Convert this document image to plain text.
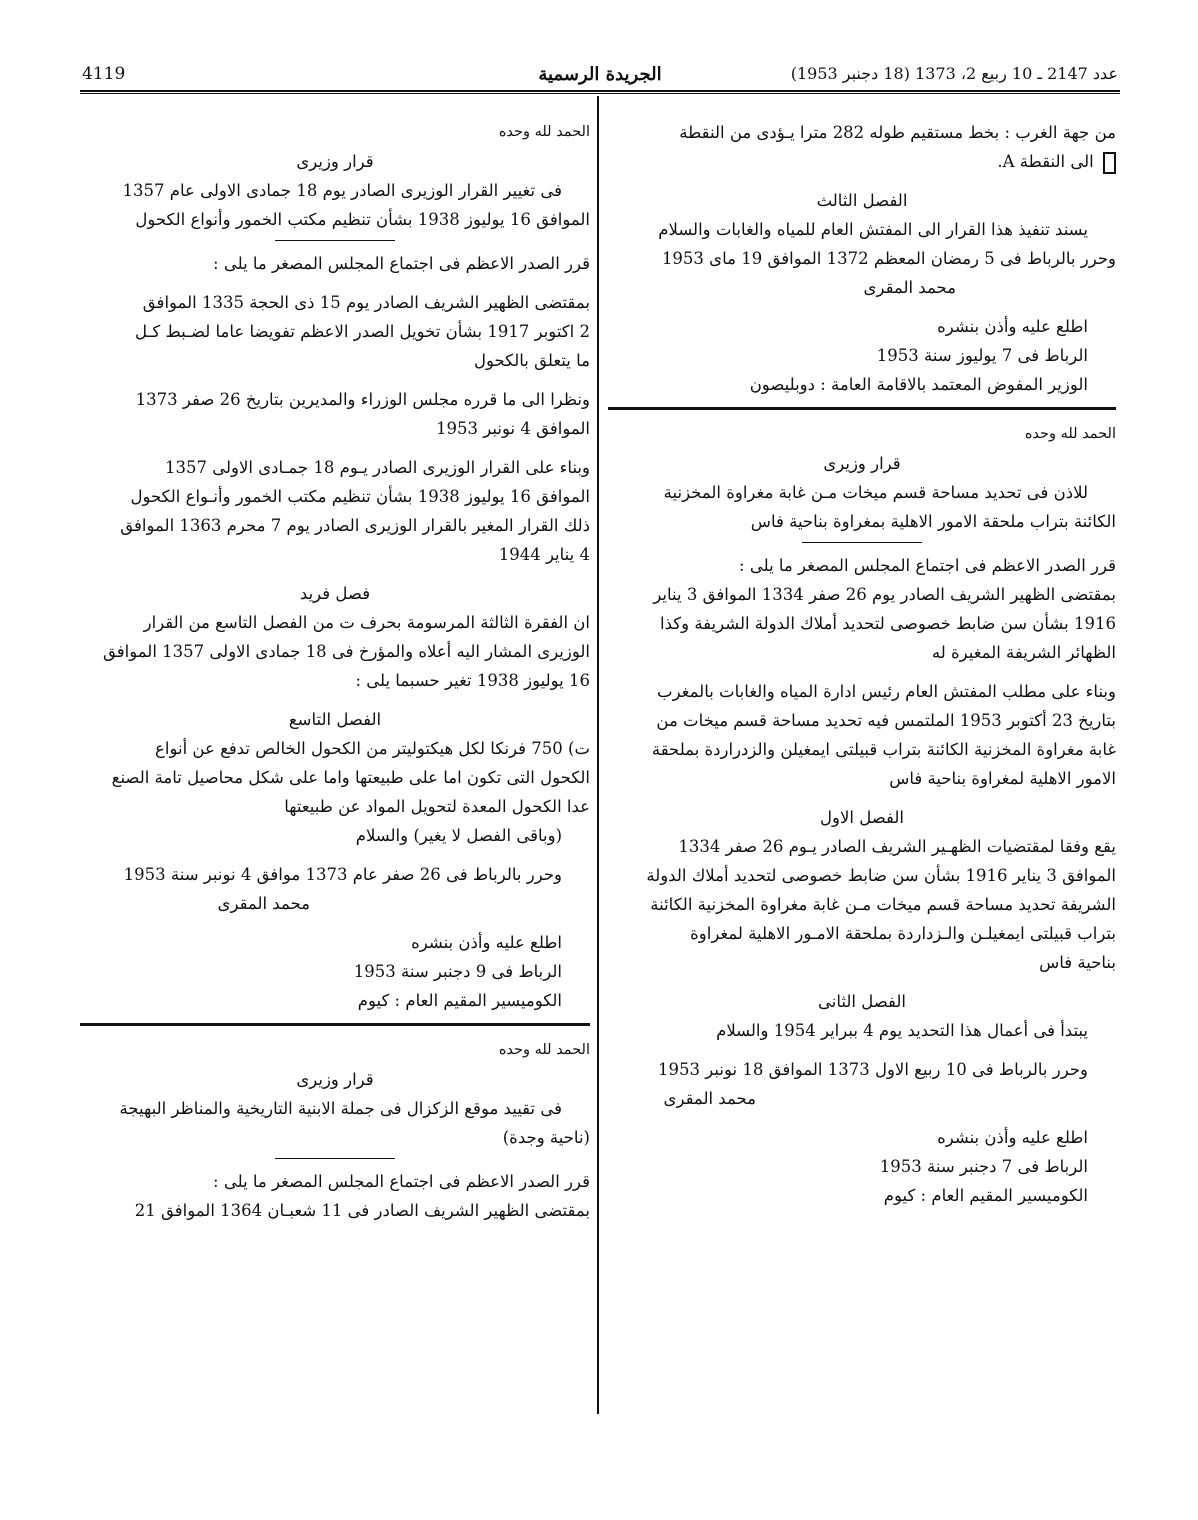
عدد 2147 ـ 10 ربيع 2، 1373 (18 دجنبر 1953)
الجريدة الرسمية
4119
من جهة الغرب : بخط مستقيم طوله 282 مترا يـؤدى من النقطة
الى النقطة A.
الفصل الثالث
يسند تنفيذ هذا القرار الى المفتش العام للمياه والغابات والسلام
وحرر بالرباط فى 5 رمضان المعظم 1372 الموافق 19 ماى 1953
محمد المقرى
اطلع عليه وأذن بنشره
الرباط فى 7 يوليوز سنة 1953
الوزير المفوض المعتمد بالاقامة العامة : دوبليصون
الحمد لله وحده
قرار وزيرى
للاذن فى تحديد مساحة قسم ميخات مـن غابة مغراوة المخزنية
الكائنة بتراب ملحقة الامور الاهلية بمغراوة بناحية فاس
قرر الصدر الاعظم فى اجتماع المجلس المصغر ما يلى :
بمقتضى الظهير الشريف الصادر يوم 26 صفر 1334 الموافق 3 يناير
1916 بشأن سن ضابط خصوصى لتحديد أملاك الدولة الشريفة وكذا
الظهائر الشريفة المغيرة له
وبناء على مطلب المفتش العام رئيس ادارة المياه والغابات بالمغرب
بتاريخ 23 أكتوبر 1953 الملتمس فيه تحديد مساحة قسم ميخات من
غابة مغراوة المخزنية الكائنة بتراب قبيلتى ايمغيلن والزدراردة بملحقة
الامور الاهلية لمغراوة بناحية فاس
الفصل الاول
يقع وفقا لمقتضيات الظهـير الشريف الصادر يـوم 26 صفر 1334
الموافق 3 يناير 1916 بشأن سن ضابط خصوصى لتحديد أملاك الدولة
الشريفة تحديد مساحة قسم ميخات مـن غابة مغراوة المخزنية الكائنة
بتراب قبيلتى ايمغيلـن والـزداردة بملحقة الامـور الاهلية لمغراوة
بناحية فاس
الفصل الثانى
يبتدأ فى أعمال هذا التحديد يوم 4 ببراير 1954 والسلام
وحرر بالرباط فى 10 ربيع الاول 1373 الموافق 18 نونبر 1953
محمد المقرى
اطلع عليه وأذن بنشره
الرباط فى 7 دجنبر سنة 1953
الكوميسير المقيم العام : كيوم
الحمد لله وحده
قرار وزيرى
فى تغيير القرار الوزيرى الصادر يوم 18 جمادى الاولى عام 1357
الموافق 16 يوليوز 1938 بشأن تنظيم مكتب الخمور وأنواع الكحول
قرر الصدر الاعظم فى اجتماع المجلس المصغر ما يلى :
بمقتضى الظهير الشريف الصادر يوم 15 ذى الحجة 1335 الموافق
2 اكتوبر 1917 بشأن تخويل الصدر الاعظم تفويضا عاما لضـبط كـل
ما يتعلق بالكحول
ونظرا الى ما قرره مجلس الوزراء والمديرين بتاريخ 26 صفر 1373
الموافق 4 نونبر 1953
وبناء على القرار الوزيرى الصادر يـوم 18 جمـادى الاولى 1357
الموافق 16 يوليوز 1938 بشأن تنظيم مكتب الخمور وأنـواع الكحول
ذلك القرار المغير بالقرار الوزيرى الصادر يوم 7 محرم 1363 الموافق
4 يناير 1944
فصل فريد
ان الفقرة الثالثة المرسومة بحرف ت من الفصل التاسع من القرار
الوزيرى المشار اليه أعلاه والمؤرخ فى 18 جمادى الاولى 1357 الموافق
16 يوليوز 1938 تغير حسبما يلى :
الفصل التاسع
ت) 750 فرنكا لكل هيكتوليتر من الكحول الخالص تدفع عن أنواع
الكحول التى تكون اما على طبيعتها واما على شكل محاصيل تامة الصنع
عدا الكحول المعدة لتحويل المواد عن طبيعتها
(وباقى الفصل لا يغير) والسلام
وحرر بالرباط فى 26 صفر عام 1373 موافق 4 نونبر سنة 1953
محمد المقرى
اطلع عليه وأذن بنشره
الرباط فى 9 دجنبر سنة 1953
الكوميسير المقيم العام : كيوم
الحمد لله وحده
قرار وزيرى
فى تقييد موقع الزكزال فى جملة الابنية التاريخية والمناظر البهيجة
(ناحية وجدة)
قرر الصدر الاعظم فى اجتماع المجلس المصغر ما يلى :
بمقتضى الظهير الشريف الصادر فى 11 شعبـان 1364 الموافق 21
